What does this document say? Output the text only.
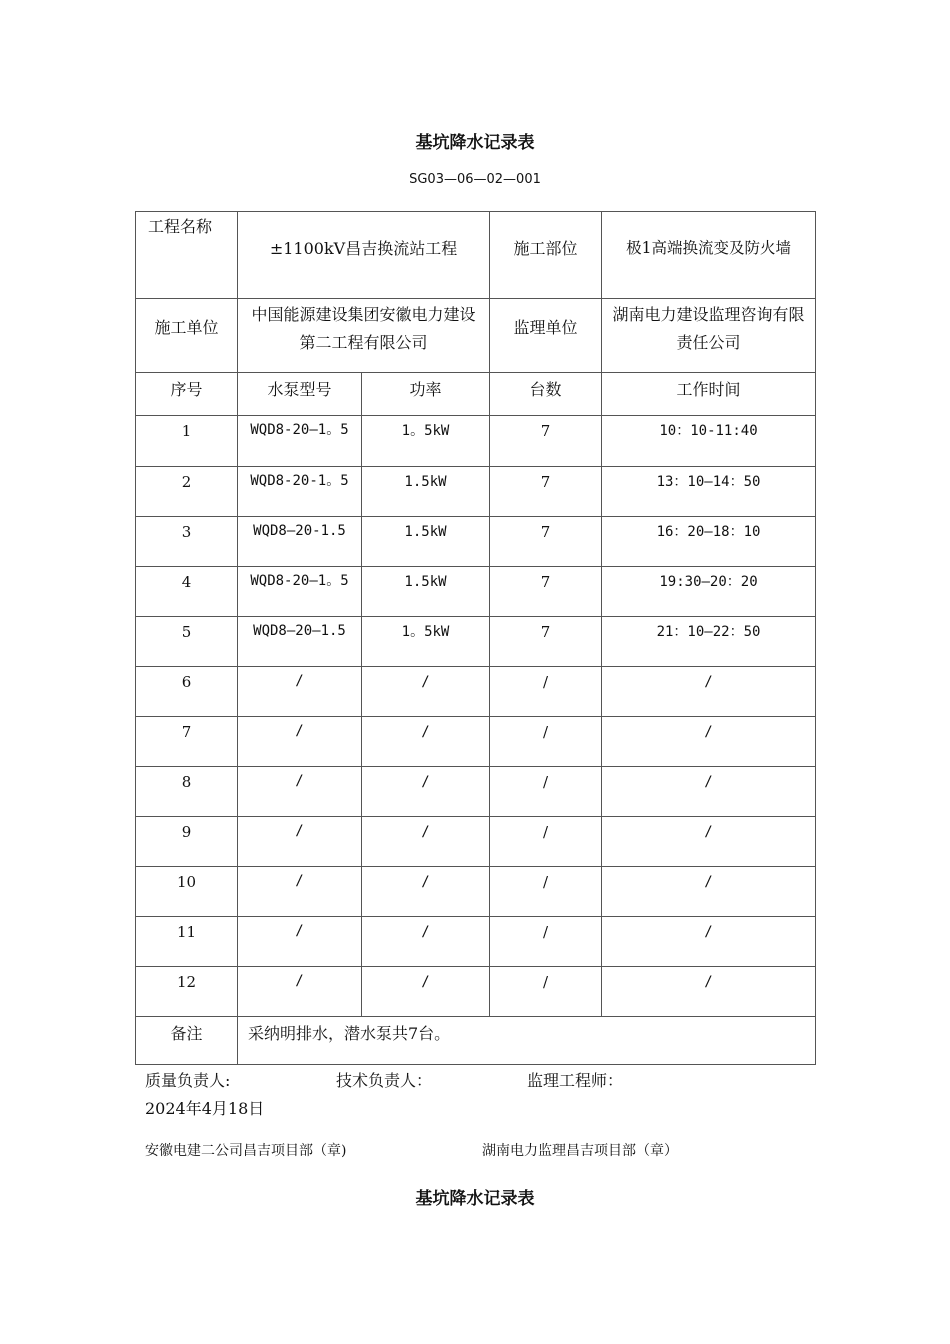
基坑降水记录表
SG03—06—02—001
工程名称	±1100kV昌吉换流站工程		施工部位	极1高端换流变及防火墙
施工单位	中国能源建设集团安徽电力建设第二工程有限公司		监理单位	湖南电力建设监理咨询有限责任公司
序号	水泵型号	功率	台数	工作时间
1	WQD8-20—1。5	1。5kW	7	10：10-11:40
2	WQD8-20-1。5	1.5kW	7	13：10—14：50
3	WQD8—20-1.5	1.5kW	7	16：20—18：10
4	WQD8-20—1。5	1.5kW	7	19:30—20：20
5	WQD8—20—1.5	1。5kW	7	21：10—22：50
6	/	/	/	/
7	/	/	/	/
8	/	/	/	/
9	/	/	/	/
10	/	/	/	/
11	/	/	/	/
12	/	/	/	/
备注	采纳明排水，潜水泵共7台。			
质量负责人:	技术负责人：	监理工程师：
2024年4月18日
安徽电建二公司昌吉项目部（章)	湖南电力监理昌吉项目部（章）
基坑降水记录表
